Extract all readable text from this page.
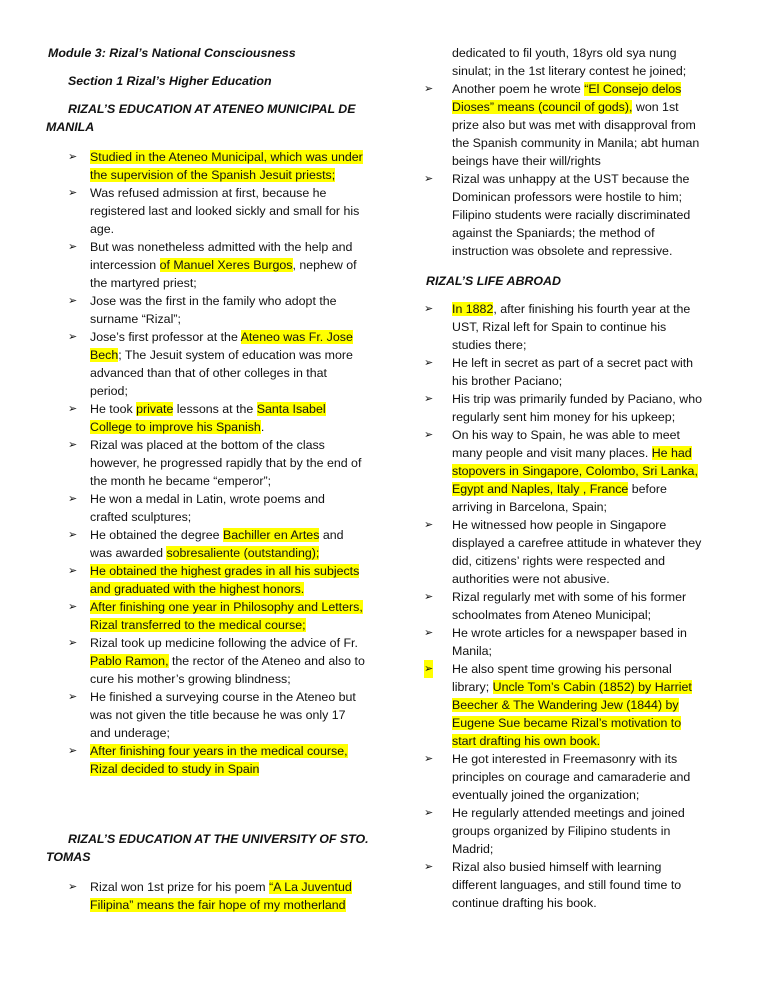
Module 3: Rizal’s National Consciousness

Section 1 Rizal’s Higher Education

RIZAL’S EDUCATION AT ATENEO MUNICIPAL DE

MANILA

➢ Studied in the Ateneo Municipal, which was under the supervision of the Spanish Jesuit priests;
➢ Was refused admission at first, because he registered last and looked sickly and small for his age.
➢ But was nonetheless admitted with the help and intercession of Manuel Xeres Burgos, nephew of the martyred priest;
➢ Jose was the first in the family who adopt the surname “Rizal”;
➢ Jose’s first professor at the Ateneo was Fr. Jose Bech; The Jesuit system of education was more advanced than that of other colleges in that period;
➢ He took private lessons at the Santa Isabel College to improve his Spanish.
➢ Rizal was placed at the bottom of the class however, he progressed rapidly that by the end of the month he became “emperor”;
➢ He won a medal in Latin, wrote poems and crafted sculptures;
➢ He obtained the degree Bachiller en Artes and was awarded sobresaliente (outstanding);
➢ He obtained the highest grades in all his subjects and graduated with the highest honors.
➢ After finishing one year in Philosophy and Letters, Rizal transferred to the medical course;
➢ Rizal took up medicine following the advice of Fr. Pablo Ramon, the rector of the Ateneo and also to cure his mother’s growing blindness;
➢ He finished a surveying course in the Ateneo but was not given the title because he was only 17 and underage;
➢ After finishing four years in the medical course, Rizal decided to study in Spain

RIZAL’S EDUCATION AT THE UNIVERSITY OF STO.

TOMAS

➢ Rizal won 1st prize for his poem “A La Juventud Filipina” means the fair hope of my motherland
dedicated to fil youth, 18yrs old sya nung sinulat; in the 1st literary contest he joined;
➢ Another poem he wrote “El Consejo delos Dioses” means (council of gods), won 1st prize also but was met with disapproval from the Spanish community in Manila; abt human beings have their will/rights
➢ Rizal was unhappy at the UST because the Dominican professors were hostile to him; Filipino students were racially discriminated against the Spaniards; the method of instruction was obsolete and repressive.

RIZAL’S LIFE ABROAD

➢ In 1882, after finishing his fourth year at the UST, Rizal left for Spain to continue his studies there;
➢ He left in secret as part of a secret pact with his brother Paciano;
➢ His trip was primarily funded by Paciano, who regularly sent him money for his upkeep;
➢ On his way to Spain, he was able to meet many people and visit many places. He had stopovers in Singapore, Colombo, Sri Lanka, Egypt and Naples, Italy , France before arriving in Barcelona, Spain;
➢ He witnessed how people in Singapore displayed a carefree attitude in whatever they did, citizens’ rights were respected and authorities were not abusive.
➢ Rizal regularly met with some of his former schoolmates from Ateneo Municipal;
➢ He wrote articles for a newspaper based in Manila;
➢ He also spent time growing his personal library; Uncle Tom’s Cabin (1852) by Harriet Beecher & The Wandering Jew (1844) by Eugene Sue became Rizal’s motivation to start drafting his own book.
➢ He got interested in Freemasonry with its principles on courage and camaraderie and eventually joined the organization;
➢ He regularly attended meetings and joined groups organized by Filipino students in Madrid;
➢ Rizal also busied himself with learning different languages, and still found time to continue drafting his book.
